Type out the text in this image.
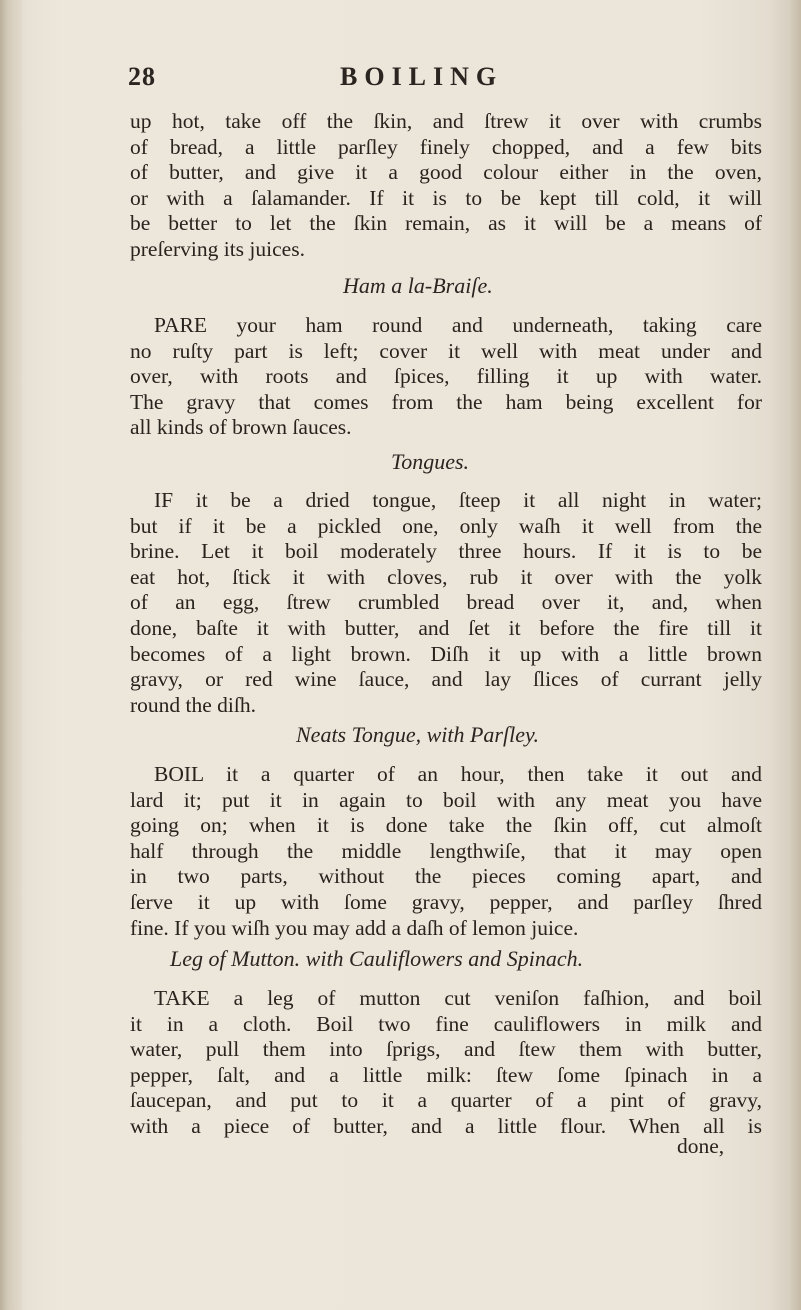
28	BOILING
up hot, take off the ſkin, and ſtrew it over with crumbs
of bread, a little parſley finely chopped, and a few bits
of butter, and give it a good colour either in the oven,
or with a ſalamander. If it is to be kept till cold, it will
be better to let the ſkin remain, as it will be a means of
preſerving its juices.
Ham a la-Braiſe.
PARE your ham round and underneath, taking care
no ruſty part is left; cover it well with meat under and
over, with roots and ſpices, filling it up with water.
The gravy that comes from the ham being excellent for
all kinds of brown ſauces.
Tongues.
IF it be a dried tongue, ſteep it all night in water;
but if it be a pickled one, only waſh it well from the
brine. Let it boil moderately three hours. If it is to be
eat hot, ſtick it with cloves, rub it over with the yolk
of an egg, ſtrew crumbled bread over it, and, when
done, baſte it with butter, and ſet it before the fire till it
becomes of a light brown. Diſh it up with a little brown
gravy, or red wine ſauce, and lay ſlices of currant jelly
round the diſh.
Neats Tongue, with Parſley.
BOIL it a quarter of an hour, then take it out and
lard it; put it in again to boil with any meat you have
going on; when it is done take the ſkin off, cut almoſt
half through the middle lengthwiſe, that it may open
in two parts, without the pieces coming apart, and
ſerve it up with ſome gravy, pepper, and parſley ſhred
fine. If you wiſh you may add a daſh of lemon juice.
Leg of Mutton. with Cauliflowers and Spinach.
TAKE a leg of mutton cut veniſon faſhion, and boil
it in a cloth. Boil two fine cauliflowers in milk and
water, pull them into ſprigs, and ſtew them with butter,
pepper, ſalt, and a little milk: ſtew ſome ſpinach in a
ſaucepan, and put to it a quarter of a pint of gravy,
with a piece of butter, and a little flour. When all is
done,
